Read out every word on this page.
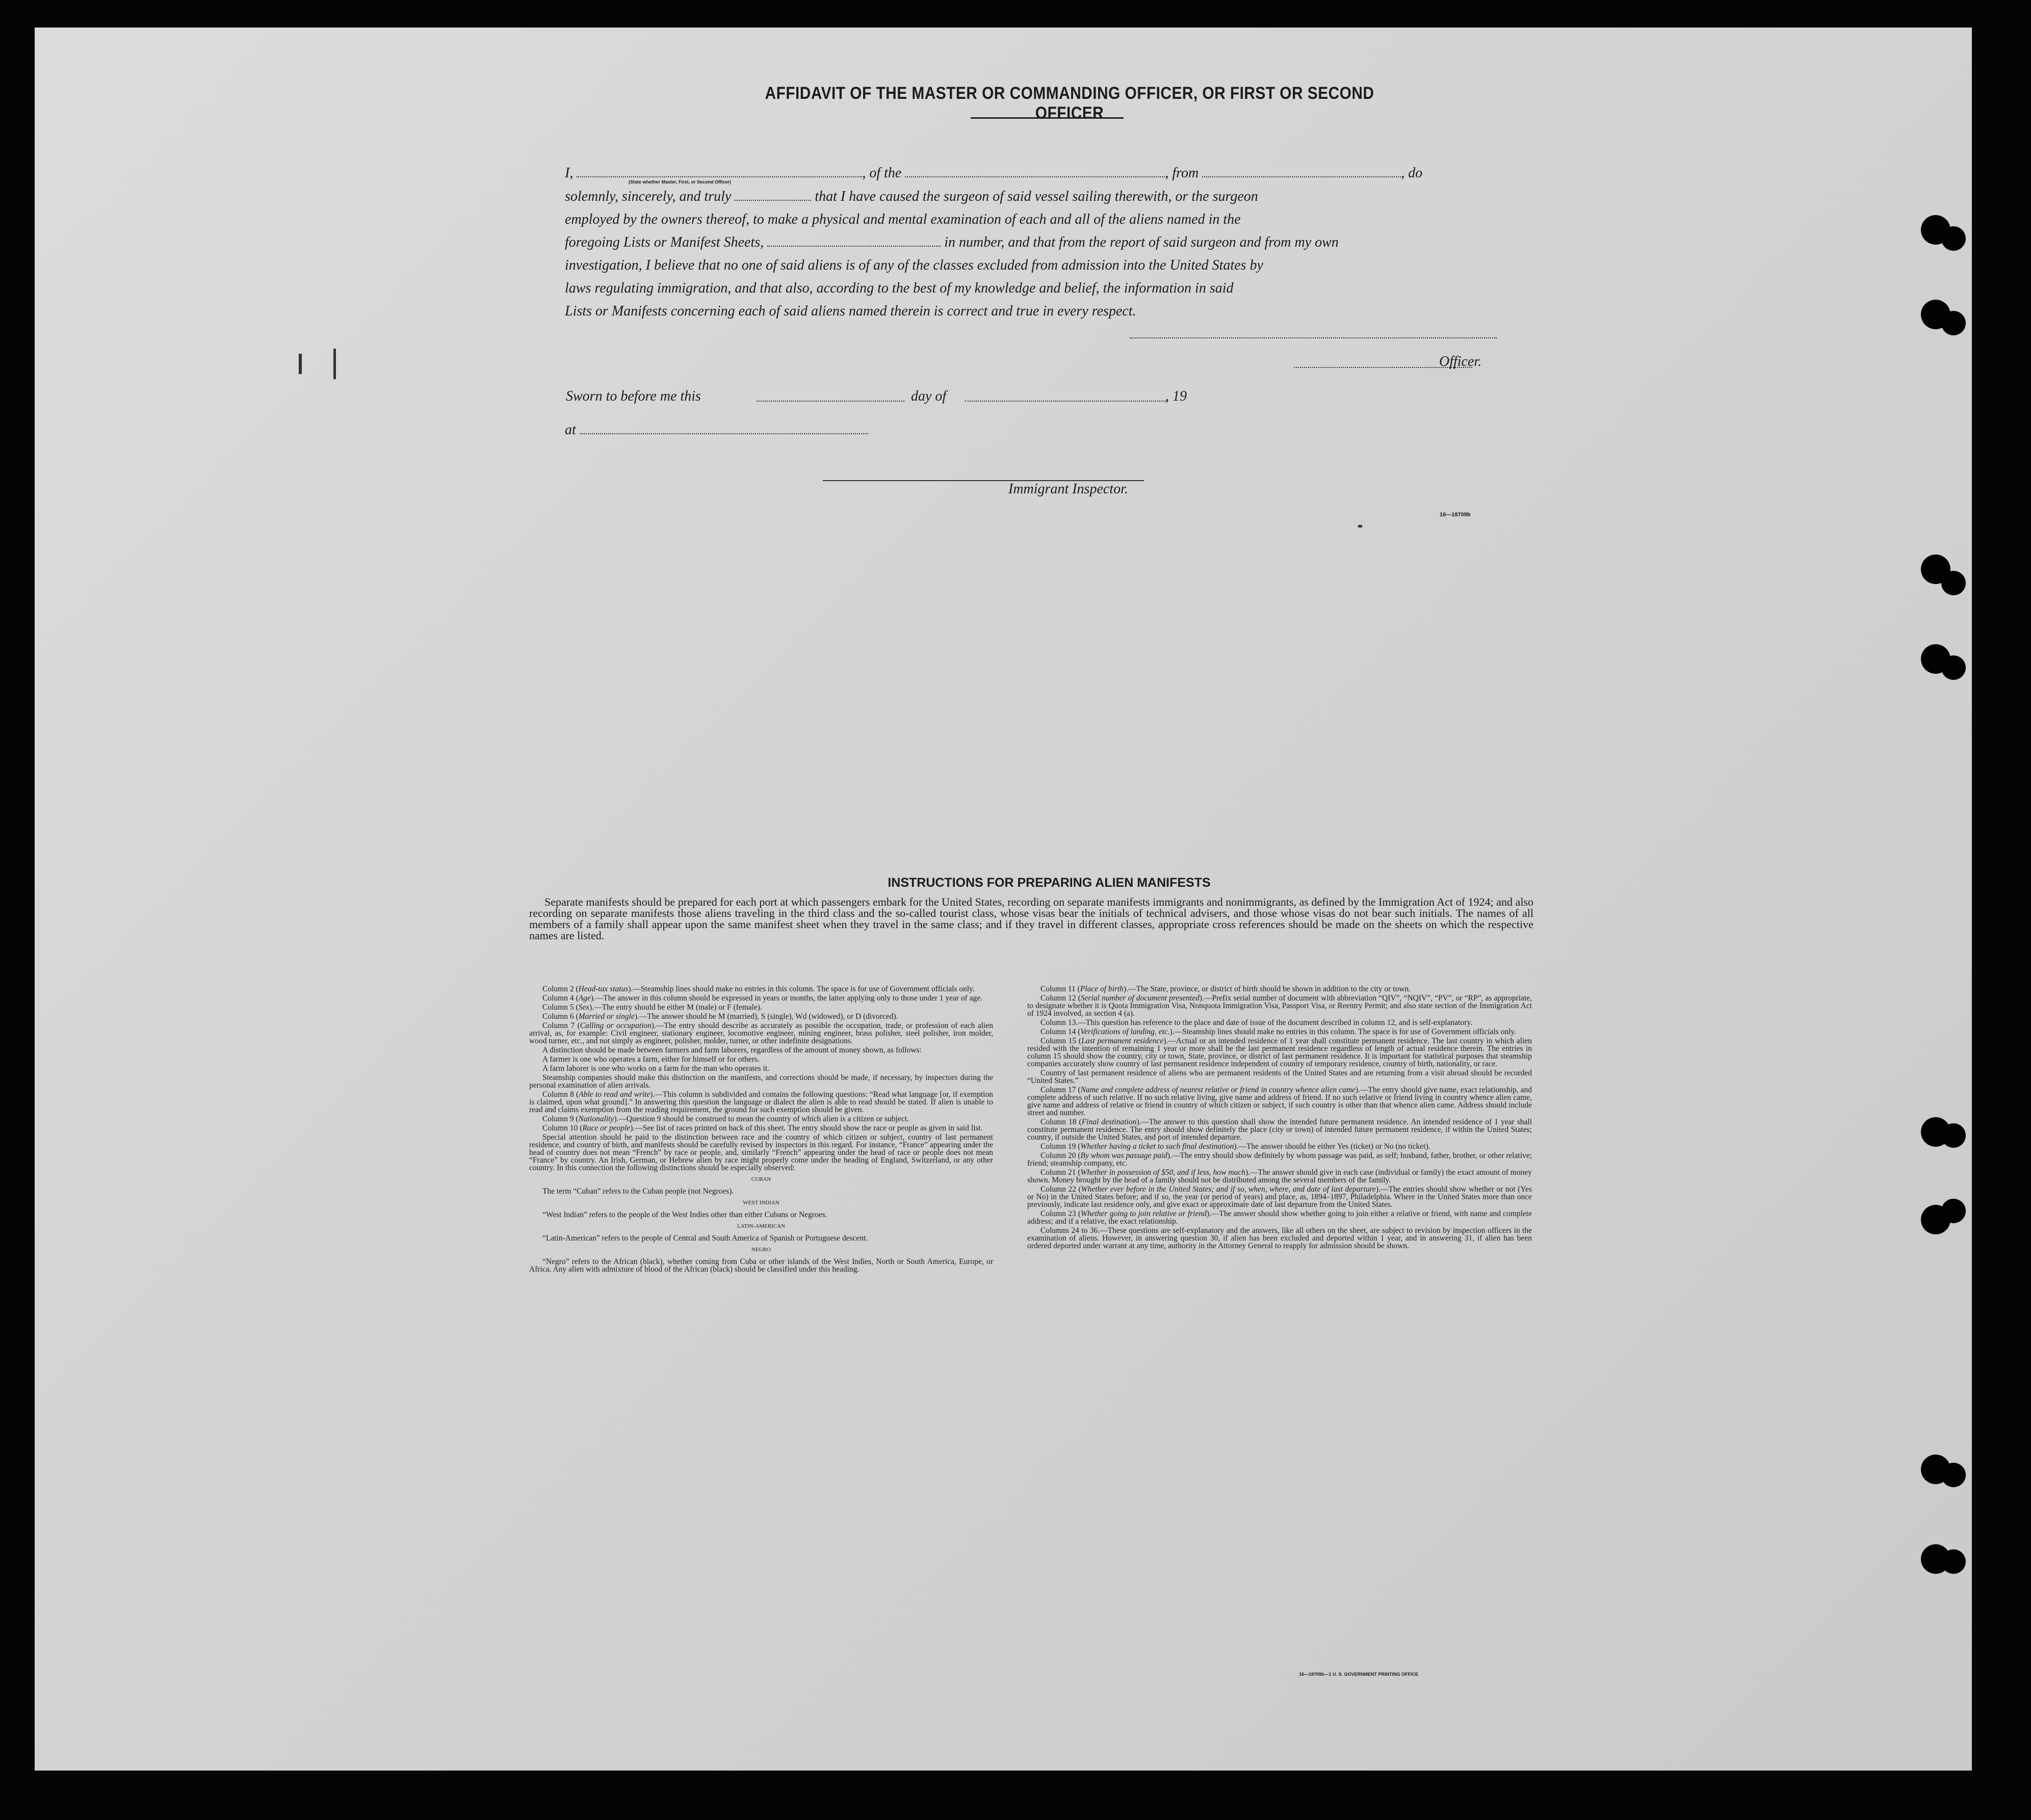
AFFIDAVIT OF THE MASTER OR COMMANDING OFFICER, OR FIRST OR SECOND OFFICER
I,	, of the	, from	, do
(State whether Master, First, or Second Officer)
solemnly, sincerely, and truly	that I have caused the surgeon of said vessel sailing therewith, or the surgeon
employed by the owners thereof, to make a physical and mental examination of each and all of the aliens named in the
foregoing Lists or Manifest Sheets,	in number, and that from the report of said surgeon and from my own
investigation, I believe that no one of said aliens is of any of the classes excluded from admission into the United States by
laws regulating immigration, and that also, according to the best of my knowledge and belief, the information in said
Lists or Manifests concerning each of said aliens named therein is correct and true in every respect.
Officer.
Sworn to before me this	day of	, 19
at
Immigrant Inspector.
16—18709b
INSTRUCTIONS FOR PREPARING ALIEN MANIFESTS

Separate manifests should be prepared for each port at which passengers embark for the United States, recording on separate manifests immigrants and nonimmigrants, as defined by the Immigration Act of 1924; and also recording on separate manifests those aliens traveling in the third class and the so-called tourist class, whose visas bear the initials of technical advisers, and those whose visas do not bear such initials. The names of all members of a family shall appear upon the same manifest sheet when they travel in the same class; and if they travel in different classes, appropriate cross references should be made on the sheets on which the respective names are listed.

Column 2 (Head-tax status).—Steamship lines should make no entries in this column. The space is for use of Government officials only.

Column 4 (Age).—The answer in this column should be expressed in years or months, the latter applying only to those under 1 year of age.

Column 5 (Sex).—The entry should be either M (male) or F (female).

Column 6 (Married or single).—The answer should be M (married), S (single), Wd (widowed), or D (divorced).

Column 7 (Calling or occupation).—The entry should describe as accurately as possible the occupation, trade, or profession of each alien arrival, as, for example: Civil engineer, stationary engineer, locomotive engineer, mining engineer, brass polisher, steel polisher, iron molder, wood turner, etc., and not simply as engineer, polisher, molder, turner, or other indefinite designations.

A distinction should be made between farmers and farm laborers, regardless of the amount of money shown, as follows:

A farmer is one who operates a farm, either for himself or for others.

A farm laborer is one who works on a farm for the man who operates it.

Steamship companies should make this distinction on the manifests, and corrections should be made, if necessary, by inspectors during the personal examination of alien arrivals.

Column 8 (Able to read and write).—This column is subdivided and contains the following questions: “Read what language [or, if exemption is claimed, upon what ground].” In answering this question the language or dialect the alien is able to read should be stated. If alien is unable to read and claims exemption from the reading requirement, the ground for such exemption should be given.

Column 9 (Nationality).—Question 9 should be construed to mean the country of which alien is a citizen or subject.

Column 10 (Race or people).—See list of races printed on back of this sheet. The entry should show the race or people as given in said list.

Special attention should be paid to the distinction between race and the country of which citizen or subject, country of last permanent residence, and country of birth, and manifests should be carefully revised by inspectors in this regard. For instance, “France” appearing under the head of country does not mean “French” by race or people, and, similarly “French” appearing under the head of race or people does not mean “France” by country. An Irish, German, or Hebrew alien by race might properly come under the heading of England, Switzerland, or any other country. In this connection the following distinctions should be especially observed:

CUBAN

The term “Cuban” refers to the Cuban people (not Negroes).

WEST INDIAN

“West Indian” refers to the people of the West Indies other than either Cubans or Negroes.

LATIN-AMERICAN

“Latin-American” refers to the people of Central and South America of Spanish or Portuguese descent.

NEGRO

“Negro” refers to the African (black), whether coming from Cuba or other islands of the West Indies, North or South America, Europe, or Africa. Any alien with admixture of blood of the African (black) should be classified under this heading.

Column 11 (Place of birth).—The State, province, or district of birth should be shown in addition to the city or town.

Column 12 (Serial number of document presented).—Prefix serial number of document with abbreviation “QIV”, “NQIV”, “PV”, or “RP”, as appropriate, to designate whether it is Quota Immigration Visa, Nonquota Immigration Visa, Passport Visa, or Reentry Permit; and also state section of the Immigration Act of 1924 involved, as section 4 (a).

Column 13.—This question has reference to the place and date of issue of the document described in column 12, and is self-explanatory.

Column 14 (Verifications of landing, etc.).—Steamship lines should make no entries in this column. The space is for use of Government officials only.

Column 15 (Last permanent residence).—Actual or an intended residence of 1 year shall constitute permanent residence. The last country in which alien resided with the intention of remaining 1 year or more shall be the last permanent residence regardless of length of actual residence therein. The entries in column 15 should show the country, city or town, State, province, or district of last permanent residence. It is important for statistical purposes that steamship companies accurately show country of last permanent residence independent of country of temporary residence, country of birth, nationality, or race.

Country of last permanent residence of aliens who are permanent residents of the United States and are returning from a visit abroad should be recorded “United States.”

Column 17 (Name and complete address of nearest relative or friend in country whence alien came).—The entry should give name, exact relationship, and complete address of such relative. If no such relative living, give name and address of friend. If no such relative or friend living in country whence alien came, give name and address of relative or friend in country of which citizen or subject, if such country is other than that whence alien came. Address should include street and number.

Column 18 (Final destination).—The answer to this question shall show the intended future permanent residence. An intended residence of 1 year shall constitute permanent residence. The entry should show definitely the place (city or town) of intended future permanent residence, if within the United States; country, if outside the United States, and port of intended departure.

Column 19 (Whether having a ticket to such final destination).—The answer should be either Yes (ticket) or No (no ticket).

Column 20 (By whom was passage paid).—The entry should show definitely by whom passage was paid, as self; husband, father, brother, or other relative; friend; steamship company, etc.

Column 21 (Whether in possession of $50, and if less, how much).—The answer should give in each case (individual or family) the exact amount of money shown. Money brought by the head of a family should not be distributed among the several members of the family.

Column 22 (Whether ever before in the United States; and if so, when, where, and date of last departure).—The entries should show whether or not (Yes or No) in the United States before; and if so, the year (or period of years) and place, as, 1894–1897, Philadelphia. Where in the United States more than once previously, indicate last residence only, and give exact or approximate date of last departure from the United States.

Column 23 (Whether going to join relative or friend).—The answer should show whether going to join either a relative or friend, with name and complete address; and if a relative, the exact relationship.

Columns 24 to 36.—These questions are self-explanatory and the answers, like all others on the sheet, are subject to revision by inspection officers in the examination of aliens. However, in answering question 30, if alien has been excluded and deported within 1 year, and in answering 31, if alien has been ordered deported under warrant at any time, authority in the Attorney General to reapply for admission should be shown.

16—18709b—1 U. S. GOVERNMENT PRINTING OFFICE
